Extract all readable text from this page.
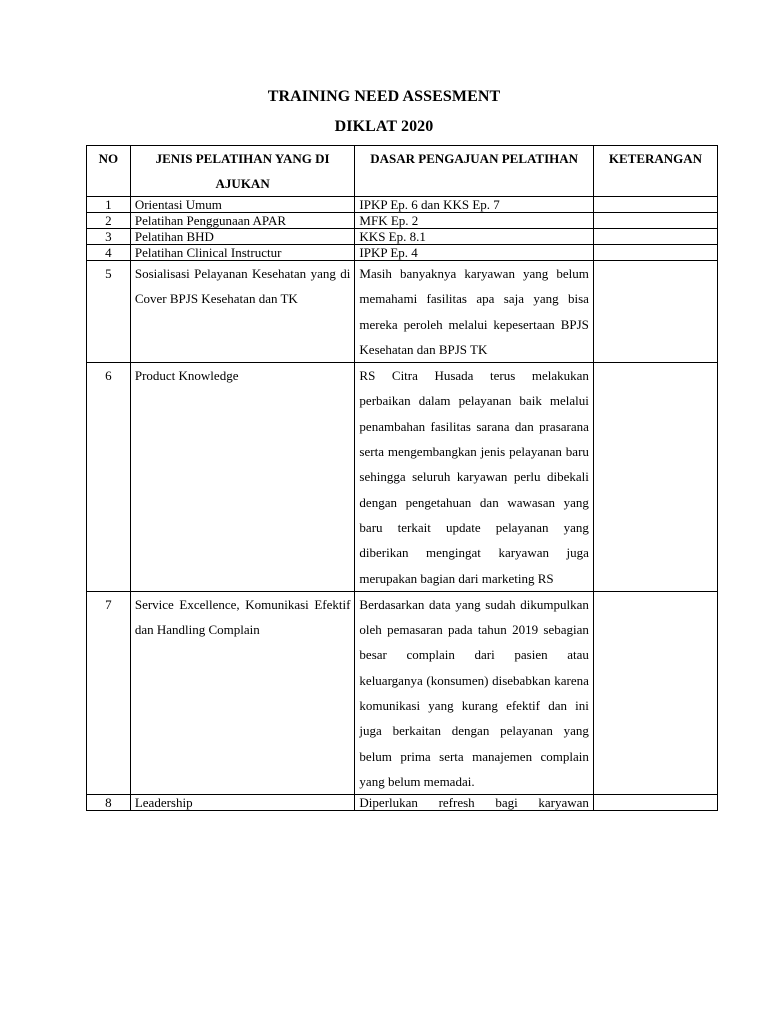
TRAINING NEED ASSESMENT
DIKLAT 2020
NO	JENIS PELATIHAN YANG DI AJUKAN	DASAR PENGAJUAN PELATIHAN	KETERANGAN
1	Orientasi Umum	IPKP Ep. 6 dan KKS Ep. 7	
2	Pelatihan Penggunaan APAR	MFK Ep. 2	
3	Pelatihan BHD	KKS Ep. 8.1	
4	Pelatihan Clinical Instructur	IPKP Ep. 4	
5	Sosialisasi Pelayanan Kesehatan yang di Cover BPJS Kesehatan dan TK	Masih banyaknya karyawan yang belum memahami fasilitas apa saja yang bisa mereka peroleh melalui kepesertaan BPJS Kesehatan dan BPJS TK	
6	Product Knowledge	RS Citra Husada terus melakukan perbaikan dalam pelayanan baik melalui penambahan fasilitas sarana dan prasarana serta mengembangkan jenis pelayanan baru sehingga seluruh karyawan perlu dibekali dengan pengetahuan dan wawasan yang baru terkait update pelayanan yang diberikan mengingat karyawan juga merupakan bagian dari marketing RS	
7	Service Excellence, Komunikasi Efektif dan Handling Complain	Berdasarkan data yang sudah dikumpulkan oleh pemasaran pada tahun 2019 sebagian besar complain dari pasien atau keluarganya (konsumen) disebabkan karena komunikasi yang kurang efektif dan ini juga berkaitan dengan pelayanan yang belum prima serta manajemen complain yang belum memadai.	
8	Leadership	Diperlukan refresh bagi karyawan	
